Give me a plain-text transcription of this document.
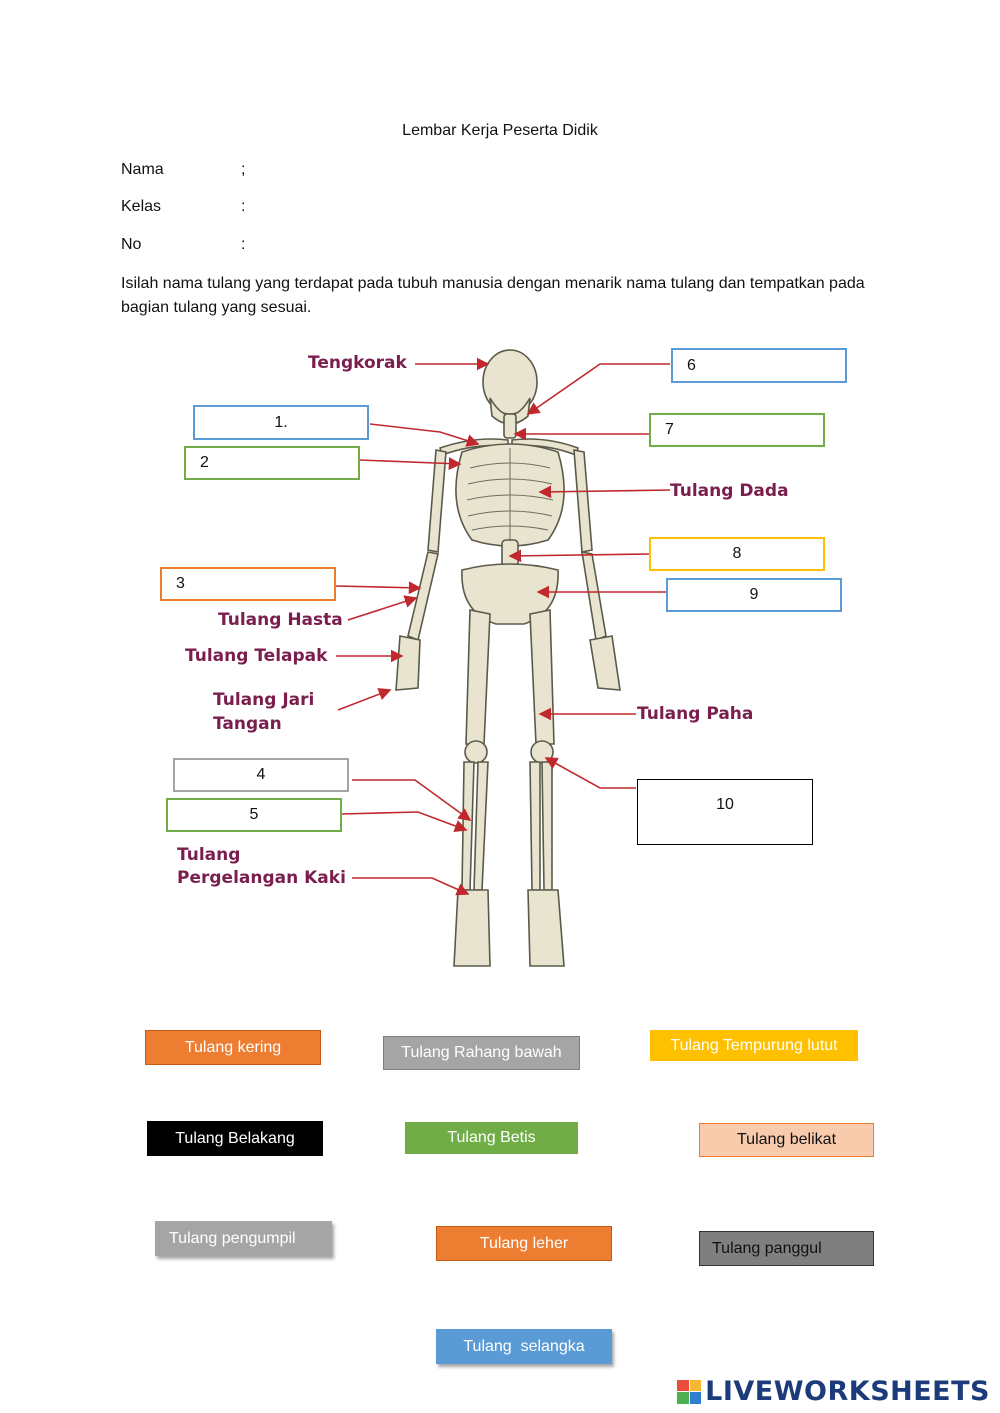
Lembar Kerja Peserta Didik
Nama	;
Kelas	:
No	:
Isilah nama tulang yang terdapat pada tubuh manusia dengan menarik nama tulang dan tempatkan pada bagian tulang yang sesuai.
Tengkorak
Tulang Dada
Tulang Hasta
Tulang Telapak
Tulang Jari
Tangan	Tulang Paha
Tulang
Pergelangan Kaki
1.
2
3
4
5
6
7
8
9
10
Tulang kering	Tulang Rahang bawah	Tulang Tempurung lutut
Tulang Belakang	Tulang Betis	Tulang belikat
Tulang pengumpil	Tulang leher	Tulang panggul
Tulang  selangka
LIVEWORKSHEETS
